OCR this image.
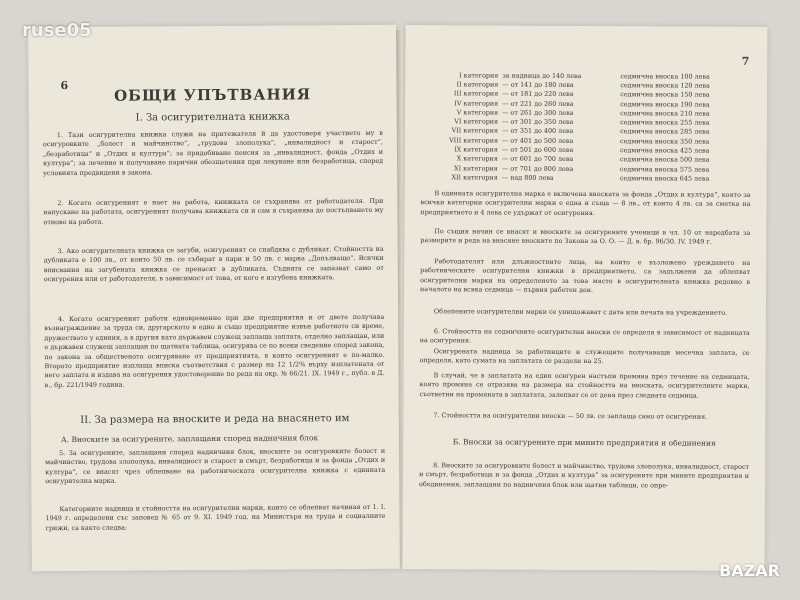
6	ОБЩИ УПЪТВАНИЯ
I. За осигурителната книжка
1. Тази осигурителна книжка служи на притежателя й да удостоверя участието му в осигуровките „болест и майчинство“, „трудова злополука“, „инвалидност и старост“, „безработица“ и „Отдих и култура“; за придобиване пенсия за „инвалидност, фонда „Отдих и култура“; за лечение и получаване парични обезщетения при лекуване или безработица, според условията предвидени в закона.
2. Когато осигуреният е нает на работа, книжката се съхранява от работодателя. При напускане на работата, осигуреният получава книжката си и сам я съхранява до постъпването му отново на работа.
3. Ако осигурителната книжка се загуби, осигуреният се снабдява с дубликат. Стойността на дубликата е 100 лв., от които 50 лв. се събират в пари и 50 лв. с марка „Допълващо“. Всички вписвания на загубената книжка се пренасят в дубликата. Съдията се запазват само от осигурения или от работодателя, в зависимост от това, от кого е изгубена книжката.
4. Когато осигуреният работи едновременно при две предприятия и от двете получава възнаграждение за труда си, другарското в едно и също предприятие извън работното си време, дружеството у единия, а в другия като държавен служещ заплаща заплата, отделно заплащан, или е държавен служещ заплащан по щатната таблица, осигурява се по всеки сведение според закона, по закона за общественото осигуряване от предприятията, в които осигуреният е по-малко. Второто предприятие изплаща вписка съответствия с размер на 12 1/2% върху изплатената от него заплата и издава на осигурения удостоверение по реда на окр. № 66/21. IX. 1949 г., публ. в Д. в., бр. 221/1949 година.
II. За размера на вноските и реда на внасянето им
А. Вноските за осигурените, заплащани според надничния блок
5. За осигурените, заплащани според надничния блок, вноските за осигуровките болест и майчинство, трудова злополука, инвалидност и старост и смърт, безработица и за фонда „Отдих и култура“, се внасят чрез облепване на работническата осигурителна книжка с единната осигурителна марка.
Категориите надница и стойността на осигурителни марки, които се облепват начиная от 1. I. 1949 г. определени със заповед № 65 от 9. XI. 1949 год. на Министъра на труда и социалните грижи, са както следва:
7
I категория	за надница до 140 лева	седмична вноска 100 лева
II категория	— от 141 до 180 лева	седмична вноска 120 лева
III категория	— от 181 до 220 лева	седмична вноска 150 лева
IV категория	— от 221 до 260 лева	седмична вноска 190 лева
V категория	— от 261 до 300 лева	седмична вноска 210 лева
VI категория	— от 301 до 350 лева	седмична вноска 255 лева
VII категория	— от 351 до 400 лева	седмична вноска 285 лева
VIII категория	— от 401 до 500 лева	седмична вноска 350 лева
IX категория	— от 501 до 600 лева	седмична вноска 425 лева
X категория	— от 601 до 700 лева	седмична вноска 500 лева
XI категория	— от 701 до 800 лева	седмична вноска 575 лева
XII категория	— над 800 лева	седмична вноска 645 лева
В единната осигурителна марка е включена вноската за фонда „Отдих и култура“, която за всички категории осигурителни марки е една и съща — 8 лв., от които 4 лв. са за сметка на предприятието и 4 лева се удържат от осигурения.
По същия начин се внасят и вноските за осигурените ученици в чл. 10 от наредбата за размерите и реда на внасяне вноските по Закона за О. О. — Д. в. бр. 96/30. IV. 1949 г.
Работодателят или длъжностните лица, на които е възложено уреждането на работническите осигурителни книжки в предприятието, са задължени да облепват осигурителни марки на определеното за това място в осигурителната книжка редовно в началото на всяка седмица — първия работен ден.
Облепените осигурителни марки се унищожават с дата или печата на учреждението.
6. Стойността на седмичните осигурителни вноски се определя в зависимост от надницата на осигурения.
Осигурената надница за работниците и служещите получаващи месечна заплата, се определя, като сумата на заплатата се раздели на 25.
В случай, че в заплатата на един осигурен настъпи промяна през течение на седмицата, която промяна се отразява на размера на стойността на вноската, осигурителните марки, съответни на промяната в заплатата, залепват се от деня през следната седмица.
7. Стойността на осигурителни вноски — 50 лв. се заплаща само от осигурения.
Б. Вноски за осигурените при мините предприятия и обединения
8. Вноските за осигуровките болест и майчинство, трудова злополука, инвалидност, старост и смърт, безработица и за фонда „Отдих и култура“ за осигурените при мините предприятия и обединения, заплащани по надничния блок или щатни таблици, се опре-
ruse05
BAZAR
